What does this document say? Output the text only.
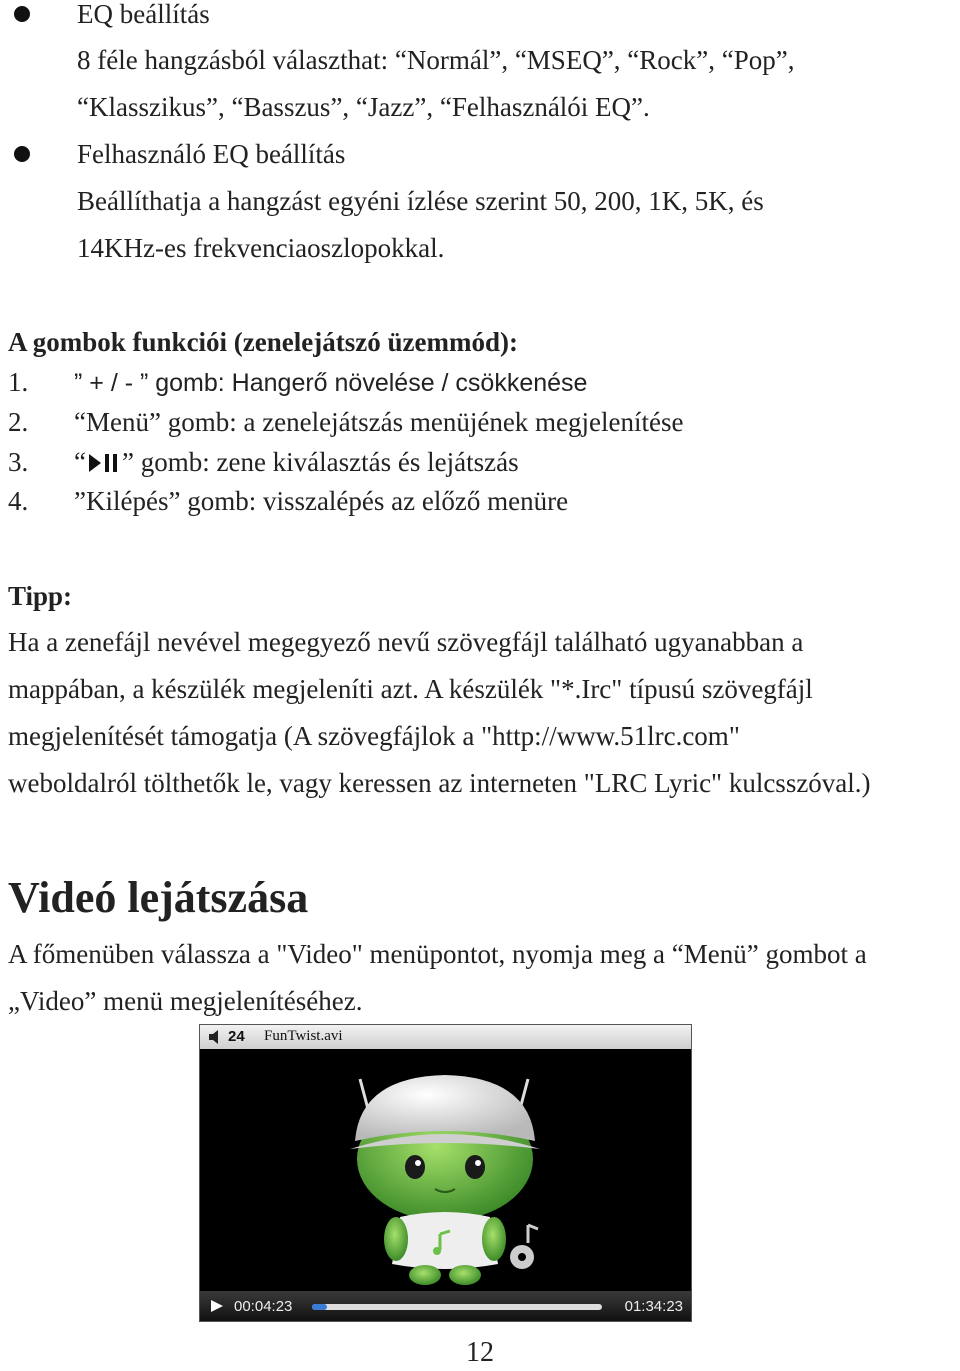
EQ beállítás
8 féle hangzásból választhat: “Normál”, “MSEQ”, “Rock”, “Pop”,
“Klasszikus”, “Basszus”, “Jazz”, “Felhasználói EQ”.
Felhasználó EQ beállítás
Beállíthatja a hangzást egyéni ízlése szerint 50, 200, 1K, 5K, és
14KHz-es frekvenciaoszlopokkal.
A gombok funkciói (zenelejátszó üzemmód):
1. ” + / - ” gomb: Hangerő növelése / csökkenése
2. “Menü” gomb: a zenelejátszás menüjének megjelenítése
3. “ ” gomb: zene kiválasztás és lejátszás
4. ”Kilépés” gomb: visszalépés az előző menüre
Tipp:
Ha a zenefájl nevével megegyező nevű szövegfájl található ugyanabban a
mappában, a készülék megjeleníti azt. A készülék "*.Irc" típusú szövegfájl
megjelenítését támogatja (A szövegfájlok a "http://www.51lrc.com"
weboldalról tölthetők le, vagy keressen az interneten "LRC Lyric" kulcsszóval.)
Videó lejátszása
A főmenüben válassza a "Video" menüpontot, nyomja meg a “Menü” gombot a
„Video” menü megjelenítéséhez.
24 FunTwist.avi
00:04:23	01:34:23
12
